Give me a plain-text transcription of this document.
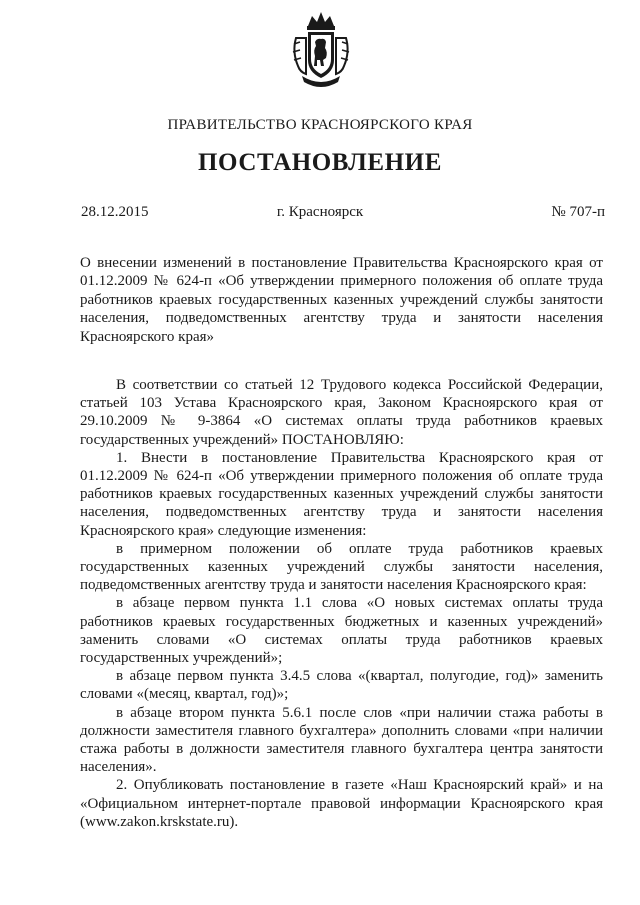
ПРАВИТЕЛЬСТВО КРАСНОЯРСКОГО КРАЯ
ПОСТАНОВЛЕНИЕ
28.12.2015	г. Красноярск	№ 707-п
О внесении изменений в постановление Правительства Красноярского края от 01.12.2009 № 624-п «Об утверждении примерного положения об оплате труда работников краевых государственных казенных учреждений службы занятости населения, подведомственных агентству труда и занятости населения Красноярского края»

В соответствии со статьей 12 Трудового кодекса Российской Федерации, статьей 103 Устава Красноярского края, Законом Красноярского края от 29.10.2009 № 9-3864 «О системах оплаты труда работников краевых государственных учреждений» ПОСТАНОВЛЯЮ:

1. Внести в постановление Правительства Красноярского края от 01.12.2009 № 624-п «Об утверждении примерного положения об оплате труда работников краевых государственных казенных учреждений службы занятости населения, подведомственных агентству труда и занятости населения Красноярского края» следующие изменения:

в примерном положении об оплате труда работников краевых государственных казенных учреждений службы занятости населения, подведомственных агентству труда и занятости населения Красноярского края:

в абзаце первом пункта 1.1 слова «О новых системах оплаты труда работников краевых государственных бюджетных и казенных учреждений» заменить словами «О системах оплаты труда работников краевых государственных учреждений»;

в абзаце первом пункта 3.4.5 слова «(квартал, полугодие, год)» заменить словами «(месяц, квартал, год)»;

в абзаце втором пункта 5.6.1 после слов «при наличии стажа работы в должности заместителя главного бухгалтера» дополнить словами «при наличии стажа работы в должности заместителя главного бухгалтера центра занятости населения».

2. Опубликовать постановление в газете «Наш Красноярский край» и на «Официальном интернет-портале правовой информации Красноярского края (www.zakon.krskstate.ru).
